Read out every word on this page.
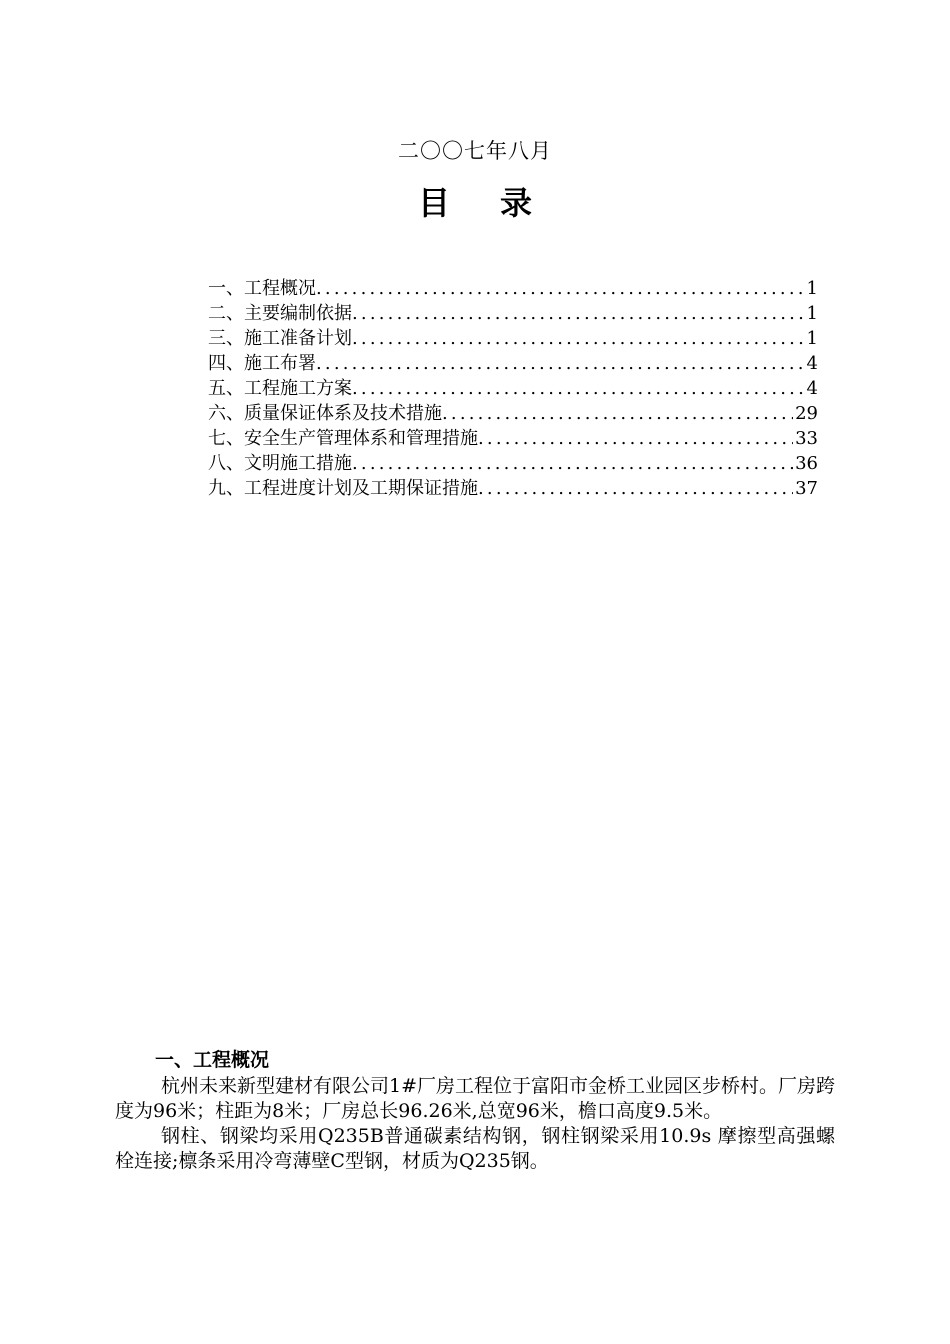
二〇〇七年八月
目 录
一、工程概况 .....	1
二、主要编制依据 .....	1
三、施工准备计划 .....	1
四、施工布署 .....	4
五、工程施工方案 .....	4
六、质量保证体系及技术措施 .....	29
七、安全生产管理体系和管理措施 .....	33
八、文明施工措施 .....	36
九、工程进度计划及工期保证措施 .....	37
一、工程概况

杭州未来新型建材有限公司1#厂房工程位于富阳市金桥工业园区步桥村。厂房跨度为96米；柱距为8米；厂房总长96.26米,总宽96米，檐口高度9.5米。

钢柱、钢梁均采用Q235B普通碳素结构钢，钢柱钢梁采用10.9s 摩擦型高强螺栓连接;檩条采用冷弯薄壁C型钢，材质为Q235钢。
